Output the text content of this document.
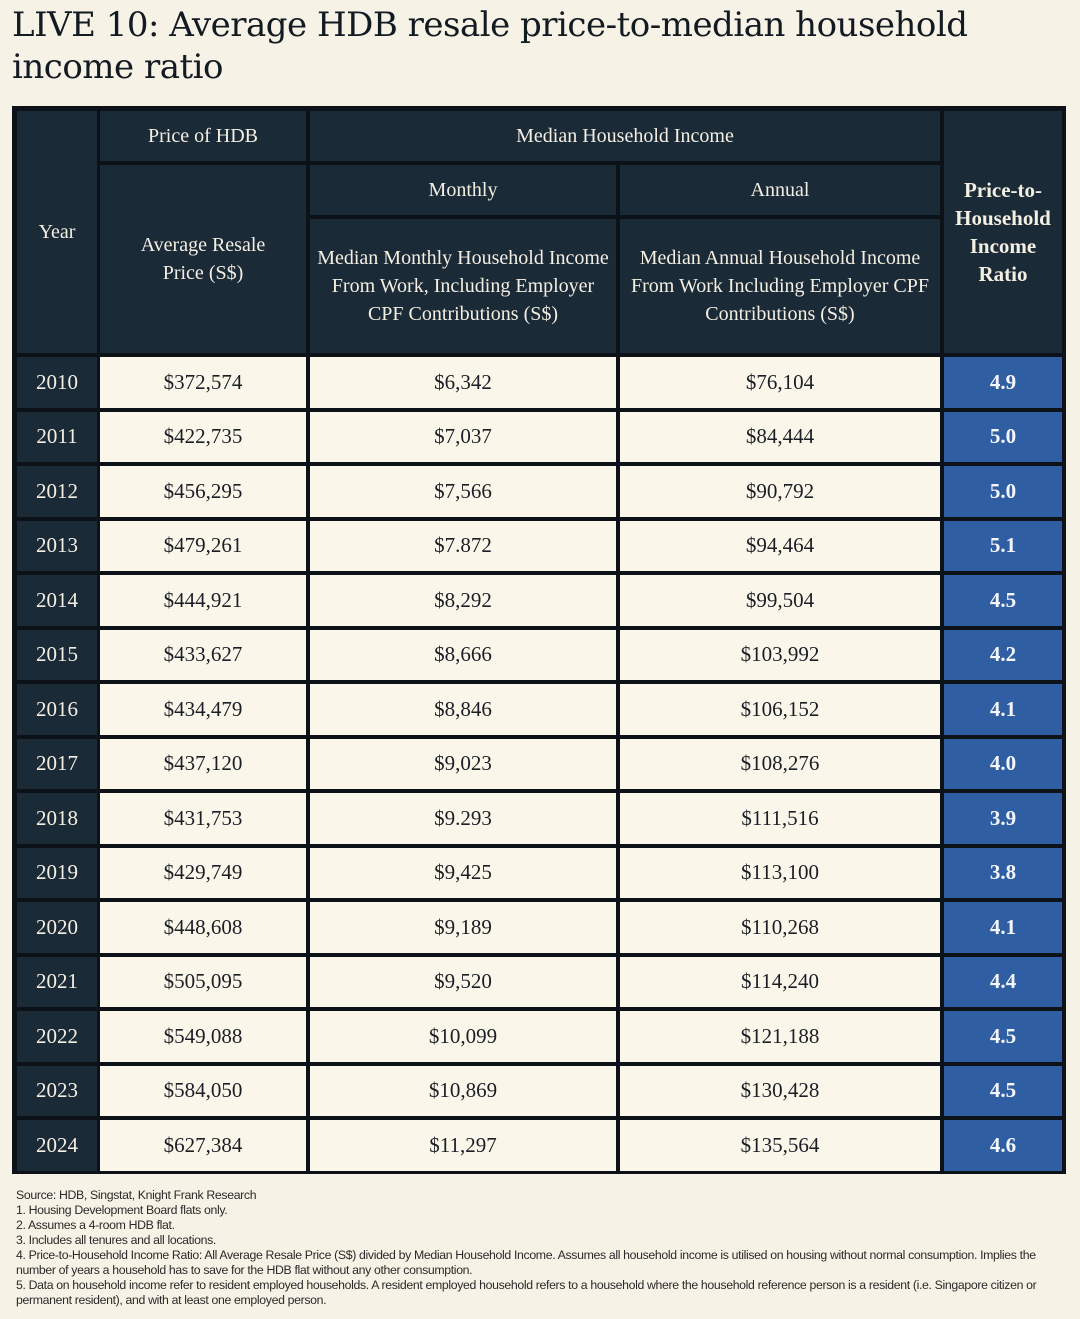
LIVE 10: Average HDB resale price-to-median household income ratio
Year
Price of HDB	Median Household Income
Average Resale Price (S$)
Monthly	Annual
Median Monthly Household Income From Work, Including Employer CPF Contributions (S$)
Median Annual Household Income From Work Including Employer CPF Contributions (S$)
Price-to-Household Income Ratio
2010	$372,574	$6,342	$76,104	4.9
2011	$422,735	$7,037	$84,444	5.0
2012	$456,295	$7,566	$90,792	5.0
2013	$479,261	$7.872	$94,464	5.1
2014	$444,921	$8,292	$99,504	4.5
2015	$433,627	$8,666	$103,992	4.2
2016	$434,479	$8,846	$106,152	4.1
2017	$437,120	$9,023	$108,276	4.0
2018	$431,753	$9.293	$111,516	3.9
2019	$429,749	$9,425	$113,100	3.8
2020	$448,608	$9,189	$110,268	4.1
2021	$505,095	$9,520	$114,240	4.4
2022	$549,088	$10,099	$121,188	4.5
2023	$584,050	$10,869	$130,428	4.5
2024	$627,384	$11,297	$135,564	4.6
Source: HDB, Singstat, Knight Frank Research
1. Housing Development Board flats only.
2. Assumes a 4-room HDB flat.
3. Includes all tenures and all locations.
4. Price-to-Household Income Ratio: All Average Resale Price (S$) divided by Median Household Income. Assumes all household income is utilised on housing without normal consumption. Implies the number of years a household has to save for the HDB flat without any other consumption.
5. Data on household income refer to resident employed households. A resident employed household refers to a household where the household reference person is a resident (i.e. Singapore citizen or permanent resident), and with at least one employed person.
